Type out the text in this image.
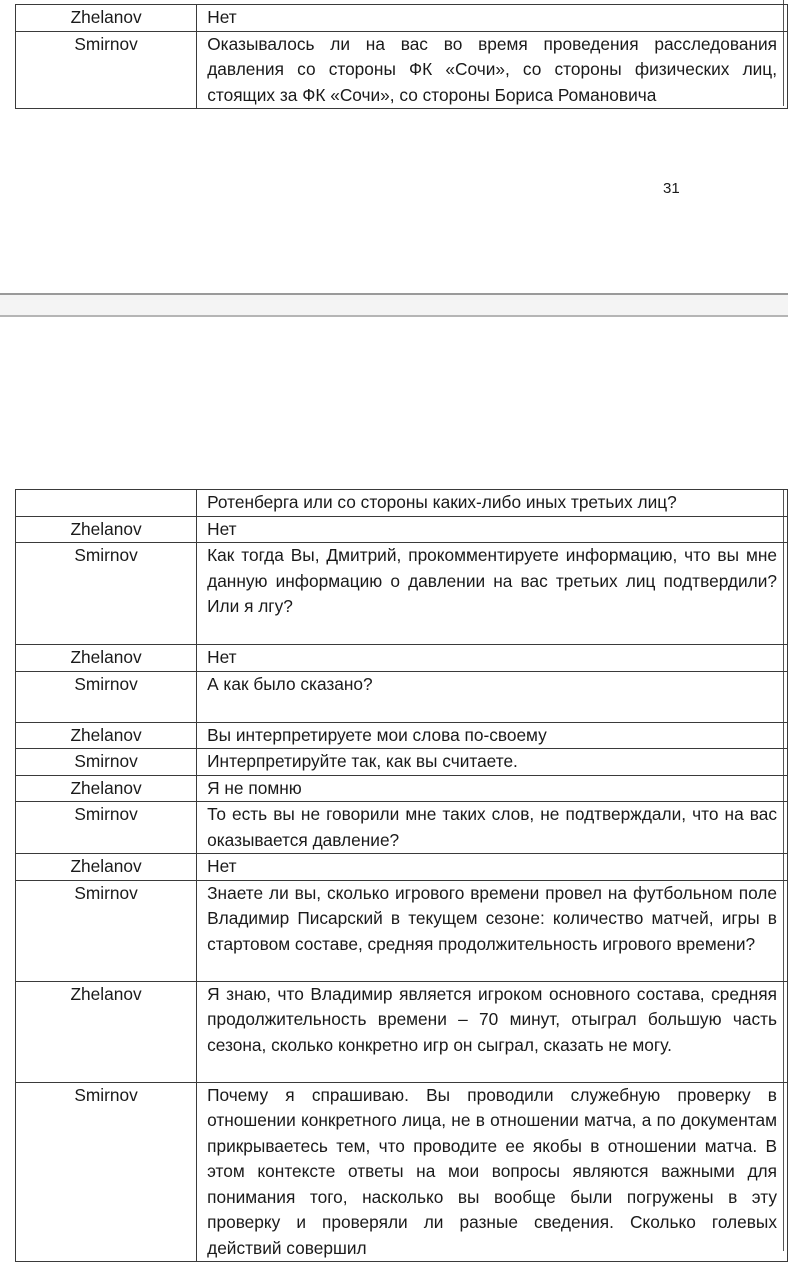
Zhelanov	Нет
Smirnov	Оказывалось ли на вас во время проведения расследования давления со стороны ФК «Сочи», со стороны физических лиц, стоящих за ФК «Сочи», со стороны Бориса Романовича
31
	Ротенберга или со стороны каких-либо иных третьих лиц?
Zhelanov	Нет
Smirnov	Как тогда Вы, Дмитрий, прокомментируете информацию, что вы мне данную информацию о давлении на вас третьих лиц подтвердили? Или я лгу?
Zhelanov	Нет
Smirnov	А как было сказано?
Zhelanov	Вы интерпретируете мои слова по-своему
Smirnov	Интерпретируйте так, как вы считаете.
Zhelanov	Я не помню
Smirnov	То есть вы не говорили мне таких слов, не подтверждали, что на вас оказывается давление?
Zhelanov	Нет
Smirnov	Знаете ли вы, сколько игрового времени провел на футбольном поле Владимир Писарский в текущем сезоне: количество матчей, игры в стартовом составе, средняя продолжительность игрового времени?
Zhelanov	Я знаю, что Владимир является игроком основного состава, средняя продолжительность времени – 70 минут, отыграл большую часть сезона, сколько конкретно игр он сыграл, сказать не могу.
Smirnov	Почему я спрашиваю. Вы проводили служебную проверку в отношении конкретного лица, не в отношении матча, а по документам прикрываетесь тем, что проводите ее якобы в отношении матча. В этом контексте ответы на мои вопросы являются важными для понимания того, насколько вы вообще были погружены в эту проверку и проверяли ли разные сведения. Сколько голевых действий совершил
